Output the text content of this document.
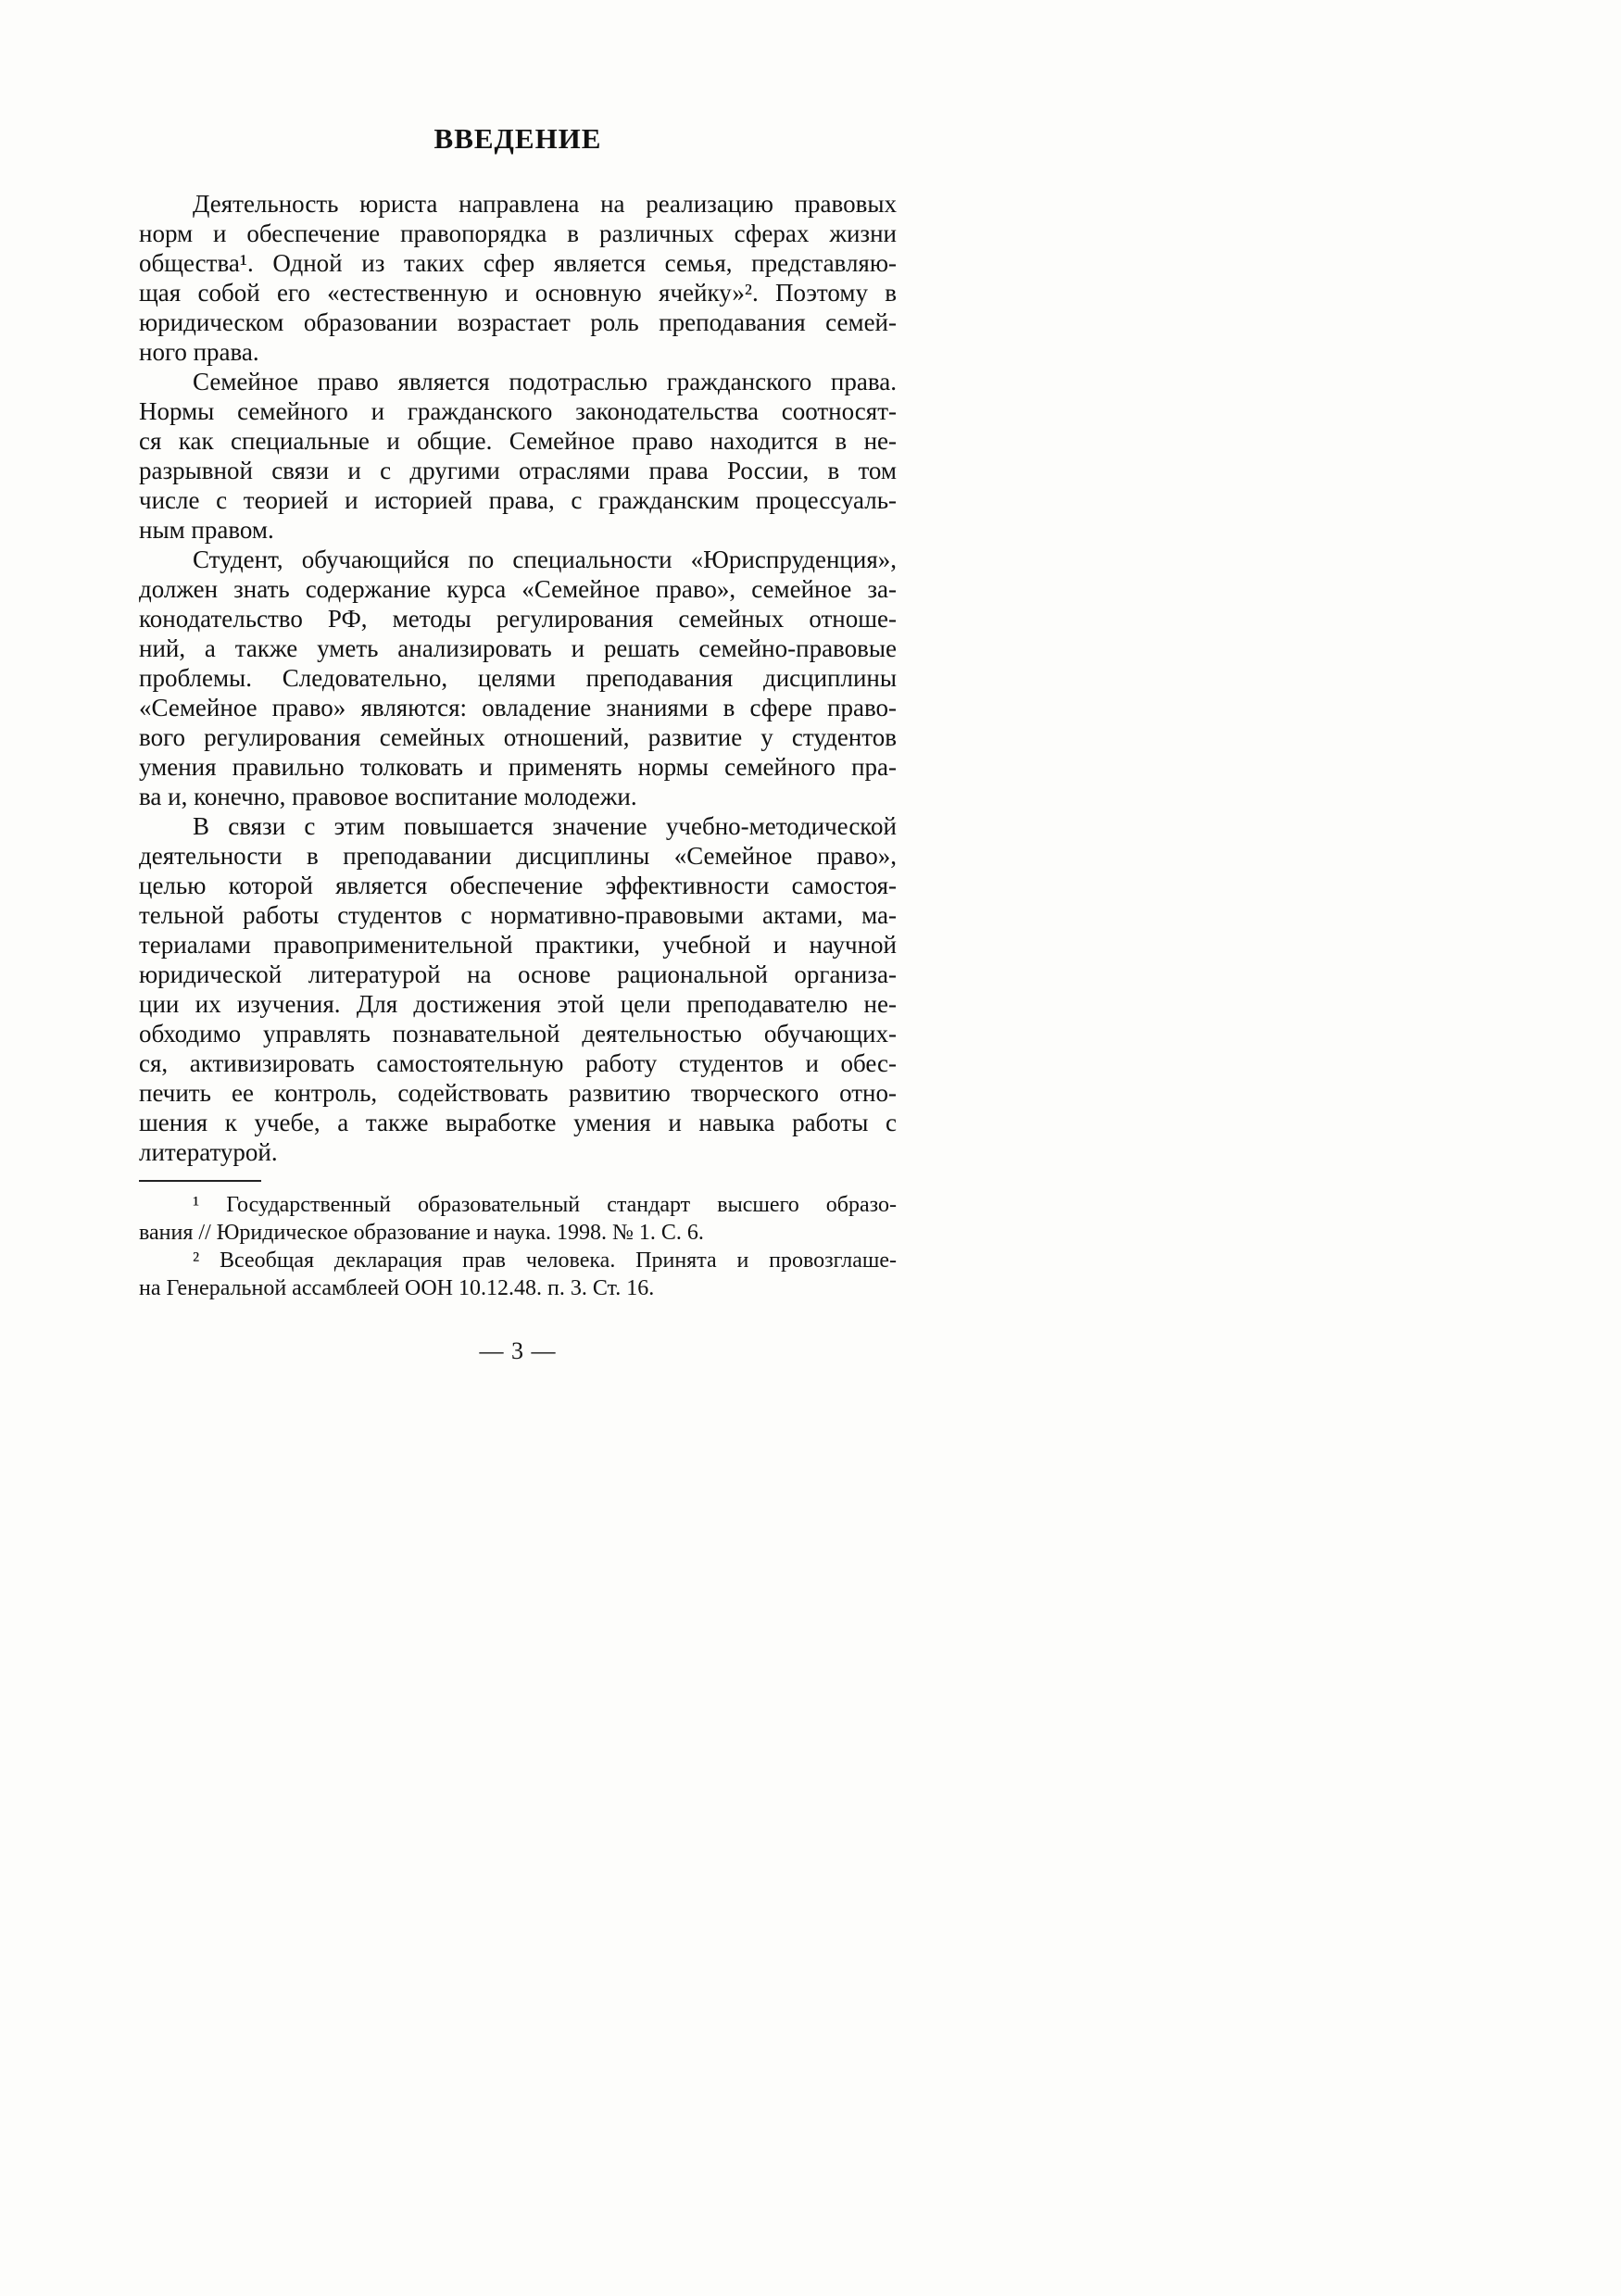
ВВЕДЕНИЕ
Деятельность юриста направлена на реализацию правовых
норм и обеспечение правопорядка в различных сферах жизни
общества¹. Одной из таких сфер является семья, представляю-
щая собой его «естественную и основную ячейку»². Поэтому в
юридическом образовании возрастает роль преподавания семей-
ного права.
Семейное право является подотраслью гражданского права.
Нормы семейного и гражданского законодательства соотносят-
ся как специальные и общие. Семейное право находится в не-
разрывной связи и с другими отраслями права России, в том
числе с теорией и историей права, с гражданским процессуаль-
ным правом.
Студент, обучающийся по специальности «Юриспруденция»,
должен знать содержание курса «Семейное право», семейное за-
конодательство РФ, методы регулирования семейных отноше-
ний, а также уметь анализировать и решать семейно-правовые
проблемы. Следовательно, целями преподавания дисциплины
«Семейное право» являются: овладение знаниями в сфере право-
вого регулирования семейных отношений, развитие у студентов
умения правильно толковать и применять нормы семейного пра-
ва и, конечно, правовое воспитание молодежи.
В связи с этим повышается значение учебно-методической
деятельности в преподавании дисциплины «Семейное право»,
целью которой является обеспечение эффективности самостоя-
тельной работы студентов с нормативно-правовыми актами, ма-
териалами правоприменительной практики, учебной и научной
юридической литературой на основе рациональной организа-
ции их изучения. Для достижения этой цели преподавателю не-
обходимо управлять познавательной деятельностью обучающих-
ся, активизировать самостоятельную работу студентов и обес-
печить ее контроль, содействовать развитию творческого отно-
шения к учебе, а также выработке умения и навыка работы с
литературой.
¹ Государственный образовательный стандарт высшего образо-
вания // Юридическое образование и наука. 1998. № 1. С. 6.
² Всеобщая декларация прав человека. Принята и провозглаше-
на Генеральной ассамблеей ООН 10.12.48. п. 3. Ст. 16.
— 3 —
